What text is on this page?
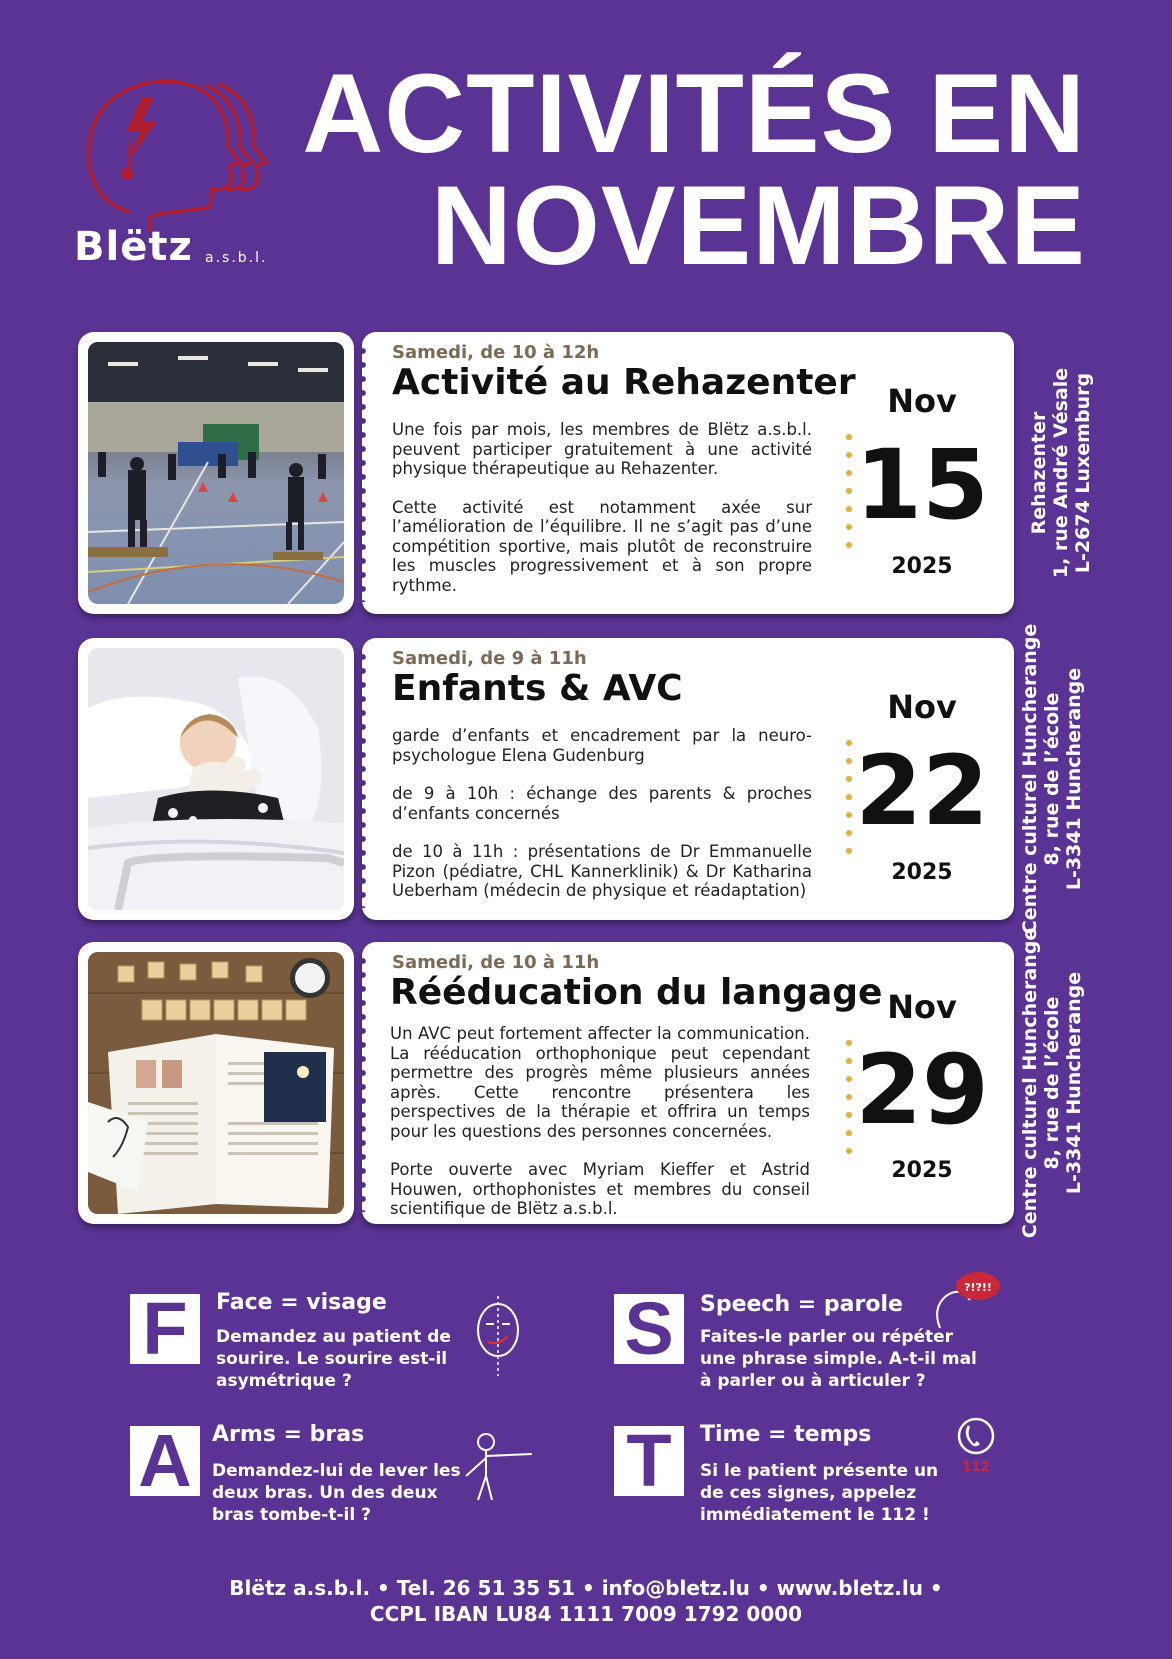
Blëtz a.s.b.l.
ACTIVITÉS EN
NOVEMBRE
Samedi, de 10 à 12h
Activité au Rehazenter

Une fois par mois, les membres de Blëtz a.s.b.l. peuvent participer gratuitement à une activité physique thérapeutique au Rehazenter.

Cette activité est notamment axée sur l’amélioration de l’équilibre. Il ne s’agit pas d’une compétition sportive, mais plutôt de reconstruire les muscles progressivement et à son propre rythme.

Nov
15
2025
Rehazenter 1, rue André Vésale L-2674 Luxemburg
Samedi, de 9 à 11h
Enfants & AVC

garde d’enfants et encadrement par la neuro-psychologue Elena Gudenburg

de 9 à 10h : échange des parents & proches d’enfants concernés

de 10 à 11h : présentations de Dr Emmanuelle Pizon (pédiatre, CHL Kannerklinik) & Dr Katharina Ueberham (médecin de physique et réadaptation)

Nov
22
2025	Centre culturel Huncherange 8, rue de l’école L-3341 Huncherange
Samedi, de 10 à 11h
Rééducation du langage

Un AVC peut fortement affecter la communication. La rééducation orthophonique peut cependant permettre des progrès même plusieurs années après. Cette rencontre présentera les perspectives de la thérapie et offrira un temps pour les questions des personnes concernées.

Porte ouverte avec Myriam Kieffer et Astrid Houwen, orthophonistes et membres du conseil scientifique de Blëtz a.s.b.l.

Nov
29
2025	Centre culturel Huncherange 8, rue de l’école L-3341 Huncherange
F	Face = visage
Demandez au patient de sourire. Le sourire est-il asymétrique ?
S	Speech = parole
Faites-le parler ou répéter une phrase simple. A-t-il mal à parler ou à articuler ?
?!?!!
A Arms = bras
Demandez-lui de lever les deux bras. Un des deux bras tombe-t-il ?
T	Time = temps
Si le patient présente un de ces signes, appelez immédiatement le 112 !
112
Blëtz a.s.b.l. • Tel. 26 51 35 51 • info@bletz.lu • www.bletz.lu •
CCPL IBAN LU84 1111 7009 1792 0000
